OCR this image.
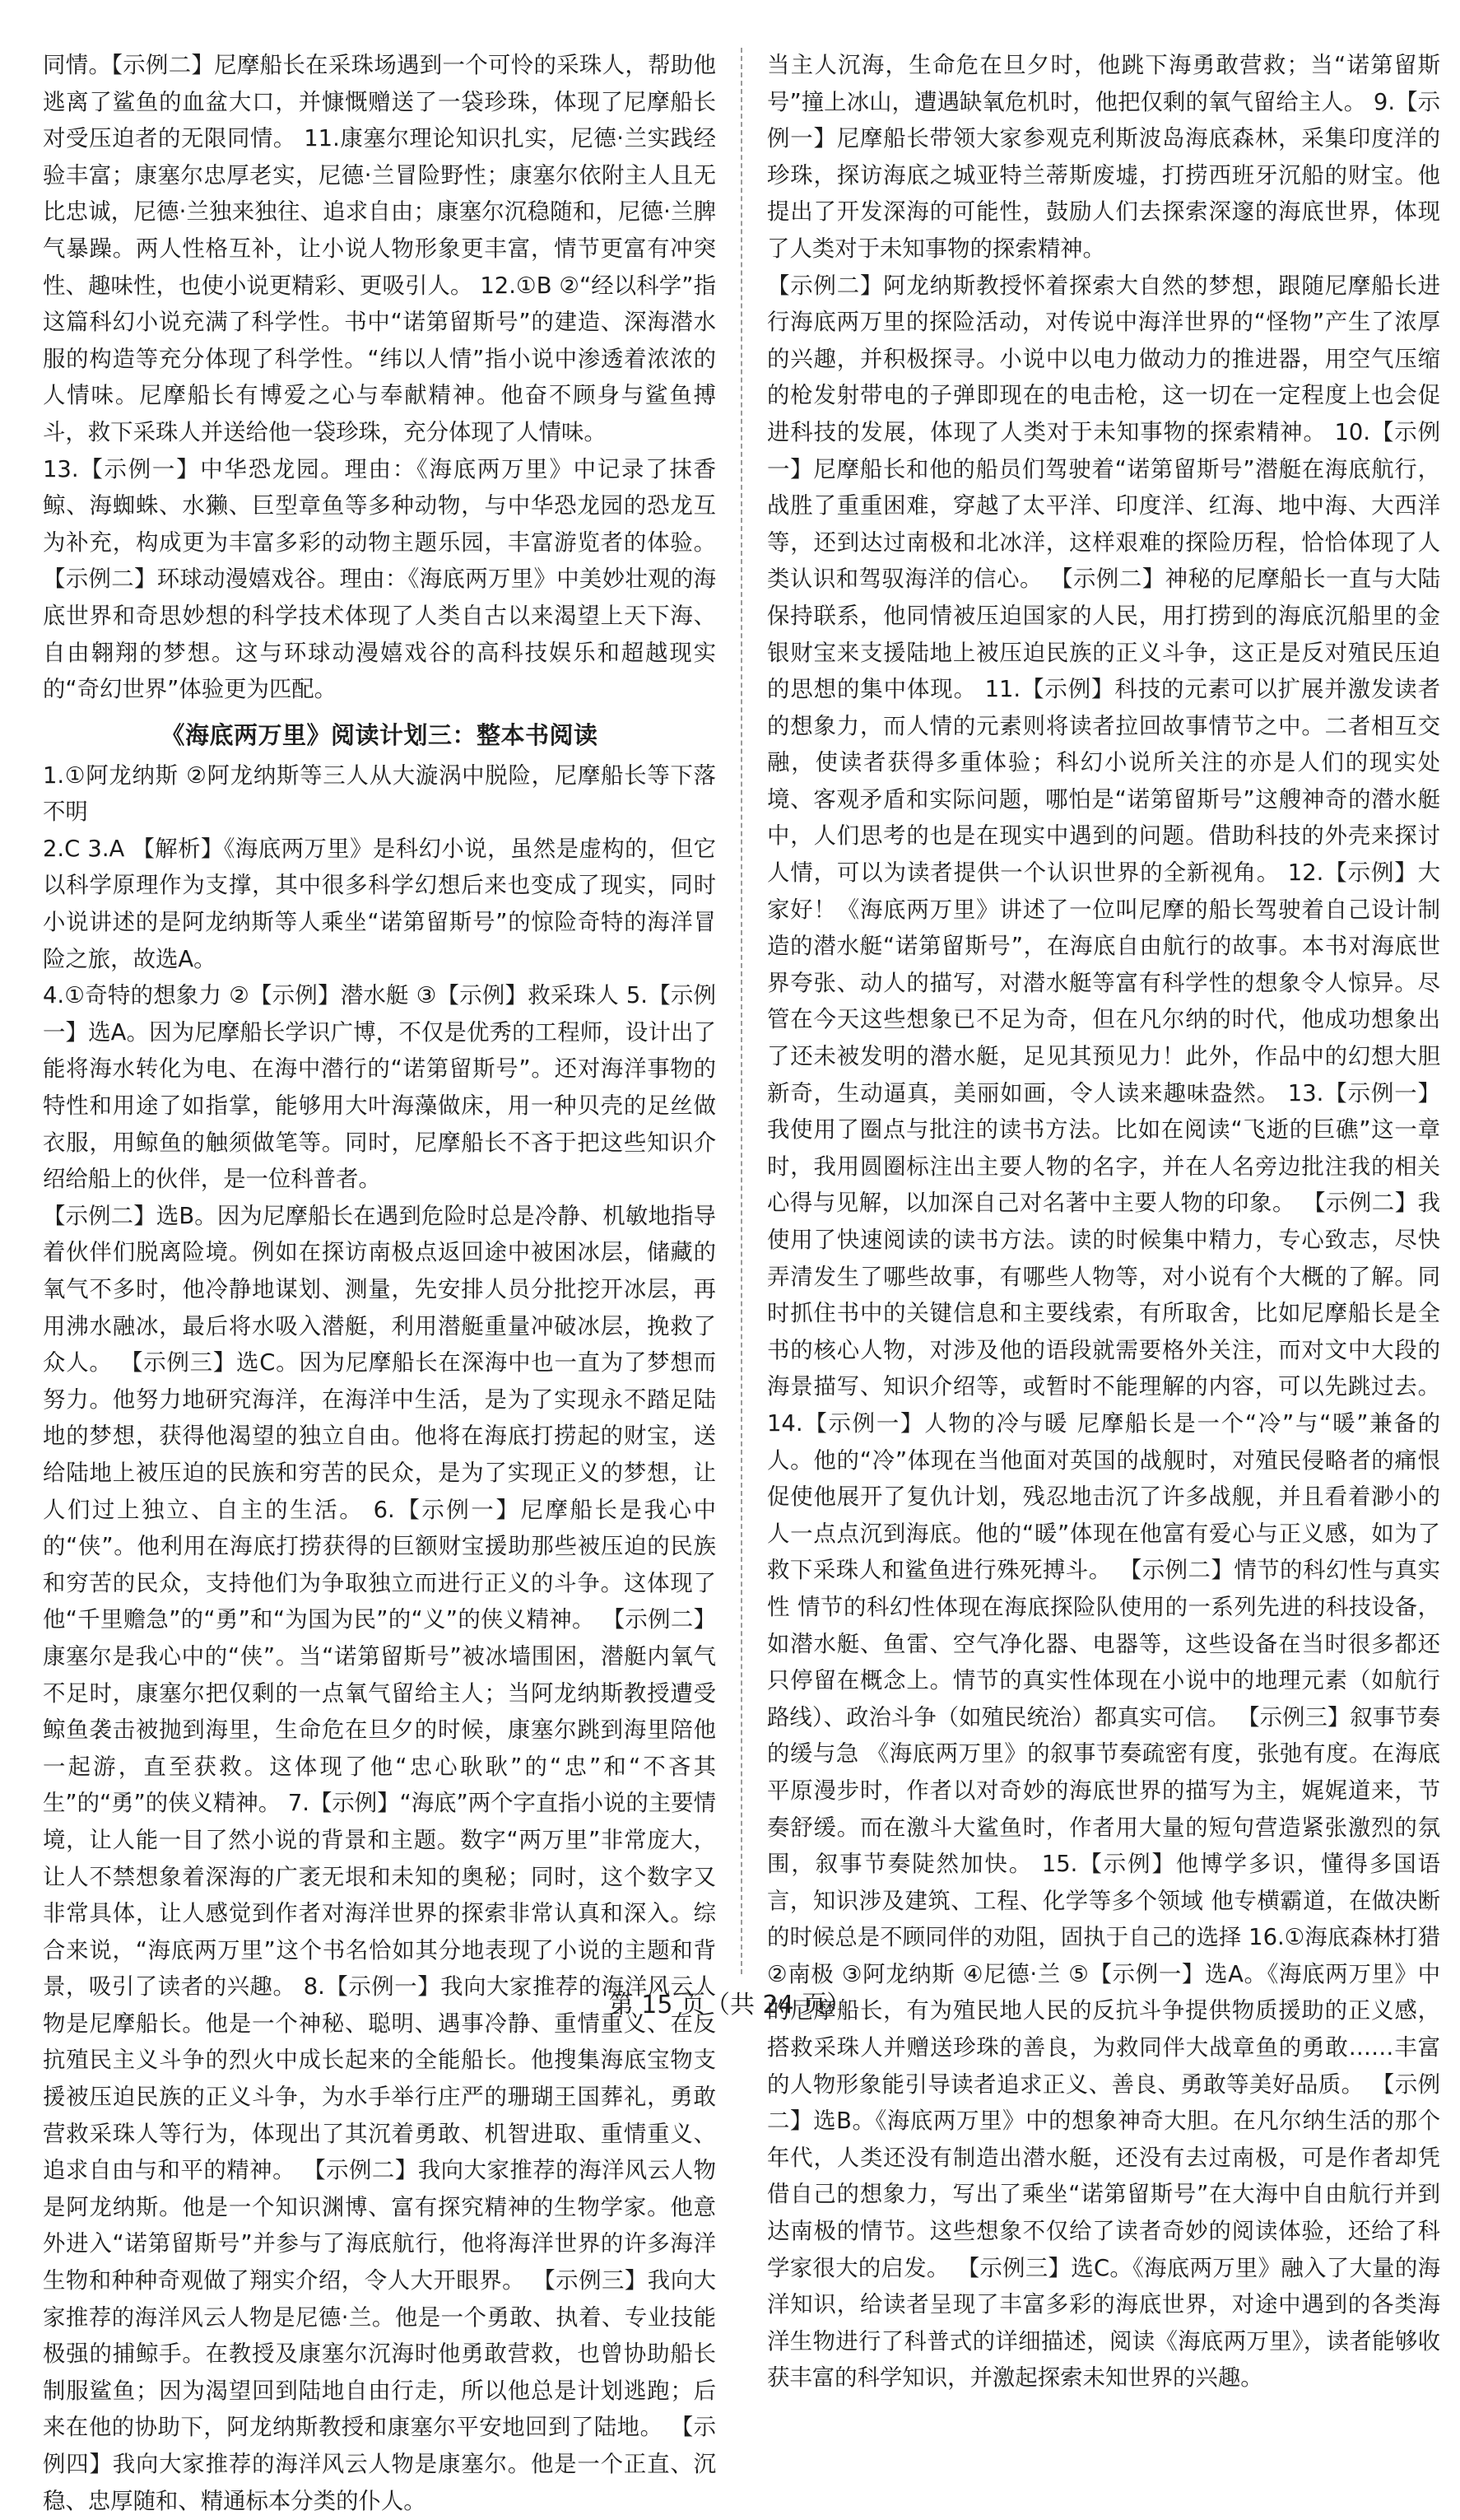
同情。【示例二】尼摩船长在采珠场遇到一个可怜的采珠人，帮助他逃离了鲨鱼的血盆大口，并慷慨赠送了一袋珍珠，体现了尼摩船长对受压迫者的无限同情。 11.康塞尔理论知识扎实，尼德·兰实践经验丰富；康塞尔忠厚老实，尼德·兰冒险野性；康塞尔依附主人且无比忠诚，尼德·兰独来独往、追求自由；康塞尔沉稳随和，尼德·兰脾气暴躁。两人性格互补，让小说人物形象更丰富，情节更富有冲突性、趣味性，也使小说更精彩、更吸引人。 12.①B ②“经以科学”指这篇科幻小说充满了科学性。书中“诺第留斯号”的建造、深海潜水服的构造等充分体现了科学性。“纬以人情”指小说中渗透着浓浓的人情味。尼摩船长有博爱之心与奉献精神。他奋不顾身与鲨鱼搏斗，救下采珠人并送给他一袋珍珠，充分体现了人情味。

13.【示例一】中华恐龙园。理由：《海底两万里》中记录了抹香鲸、海蜘蛛、水獭、巨型章鱼等多种动物，与中华恐龙园的恐龙互为补充，构成更为丰富多彩的动物主题乐园，丰富游览者的体验。 【示例二】环球动漫嬉戏谷。理由：《海底两万里》中美妙壮观的海底世界和奇思妙想的科学技术体现了人类自古以来渴望上天下海、自由翱翔的梦想。这与环球动漫嬉戏谷的高科技娱乐和超越现实的“奇幻世界”体验更为匹配。

《海底两万里》阅读计划三：整本书阅读

1.①阿龙纳斯 ②阿龙纳斯等三人从大漩涡中脱险，尼摩船长等下落不明

2.C 3.A 【解析】《海底两万里》是科幻小说，虽然是虚构的，但它以科学原理作为支撑，其中很多科学幻想后来也变成了现实，同时小说讲述的是阿龙纳斯等人乘坐“诺第留斯号”的惊险奇特的海洋冒险之旅，故选A。

4.①奇特的想象力 ②【示例】潜水艇 ③【示例】救采珠人 5.【示例一】选A。因为尼摩船长学识广博，不仅是优秀的工程师，设计出了能将海水转化为电、在海中潜行的“诺第留斯号”。还对海洋事物的特性和用途了如指掌，能够用大叶海藻做床，用一种贝壳的足丝做衣服，用鲸鱼的触须做笔等。同时，尼摩船长不吝于把这些知识介绍给船上的伙伴，是一位科普者。

【示例二】选B。因为尼摩船长在遇到危险时总是冷静、机敏地指导着伙伴们脱离险境。例如在探访南极点返回途中被困冰层，储藏的氧气不多时，他冷静地谋划、测量，先安排人员分批挖开冰层，再用沸水融冰，最后将水吸入潜艇，利用潜艇重量冲破冰层，挽救了众人。 【示例三】选C。因为尼摩船长在深海中也一直为了梦想而努力。他努力地研究海洋，在海洋中生活，是为了实现永不踏足陆地的梦想，获得他渴望的独立自由。他将在海底打捞起的财宝，送给陆地上被压迫的民族和穷苦的民众，是为了实现正义的梦想，让人们过上独立、自主的生活。 6.【示例一】尼摩船长是我心中的“侠”。他利用在海底打捞获得的巨额财宝援助那些被压迫的民族和穷苦的民众，支持他们为争取独立而进行正义的斗争。这体现了他“千里赡急”的“勇”和“为国为民”的“义”的侠义精神。 【示例二】康塞尔是我心中的“侠”。当“诺第留斯号”被冰墙围困，潜艇内氧气不足时，康塞尔把仅剩的一点氧气留给主人；当阿龙纳斯教授遭受鲸鱼袭击被抛到海里，生命危在旦夕的时候，康塞尔跳到海里陪他一起游，直至获救。这体现了他“忠心耿耿”的“忠”和“不吝其生”的“勇”的侠义精神。 7.【示例】“海底”两个字直指小说的主要情境，让人能一目了然小说的背景和主题。数字“两万里”非常庞大，让人不禁想象着深海的广袤无垠和未知的奥秘；同时，这个数字又非常具体，让人感觉到作者对海洋世界的探索非常认真和深入。综合来说，“海底两万里”这个书名恰如其分地表现了小说的主题和背景，吸引了读者的兴趣。 8.【示例一】我向大家推荐的海洋风云人物是尼摩船长。他是一个神秘、聪明、遇事冷静、重情重义、在反抗殖民主义斗争的烈火中成长起来的全能船长。他搜集海底宝物支援被压迫民族的正义斗争，为水手举行庄严的珊瑚王国葬礼，勇敢营救采珠人等行为，体现出了其沉着勇敢、机智进取、重情重义、追求自由与和平的精神。 【示例二】我向大家推荐的海洋风云人物是阿龙纳斯。他是一个知识渊博、富有探究精神的生物学家。他意外进入“诺第留斯号”并参与了海底航行，他将海洋世界的许多海洋生物和种种奇观做了翔实介绍，令人大开眼界。 【示例三】我向大家推荐的海洋风云人物是尼德·兰。他是一个勇敢、执着、专业技能极强的捕鲸手。在教授及康塞尔沉海时他勇敢营救，也曾协助船长制服鲨鱼；因为渴望回到陆地自由行走，所以他总是计划逃跑；后来在他的协助下，阿龙纳斯教授和康塞尔平安地回到了陆地。 【示例四】我向大家推荐的海洋风云人物是康塞尔。他是一个正直、沉稳、忠厚随和、精通标本分类的仆人。

当主人沉海，生命危在旦夕时，他跳下海勇敢营救；当“诺第留斯号”撞上冰山，遭遇缺氧危机时，他把仅剩的氧气留给主人。 9.【示例一】尼摩船长带领大家参观克利斯波岛海底森林，采集印度洋的珍珠，探访海底之城亚特兰蒂斯废墟，打捞西班牙沉船的财宝。他提出了开发深海的可能性，鼓励人们去探索深邃的海底世界，体现了人类对于未知事物的探索精神。

【示例二】阿龙纳斯教授怀着探索大自然的梦想，跟随尼摩船长进行海底两万里的探险活动，对传说中海洋世界的“怪物”产生了浓厚的兴趣，并积极探寻。小说中以电力做动力的推进器，用空气压缩的枪发射带电的子弹即现在的电击枪，这一切在一定程度上也会促进科技的发展，体现了人类对于未知事物的探索精神。 10.【示例一】尼摩船长和他的船员们驾驶着“诺第留斯号”潜艇在海底航行，战胜了重重困难，穿越了太平洋、印度洋、红海、地中海、大西洋等，还到达过南极和北冰洋，这样艰难的探险历程，恰恰体现了人类认识和驾驭海洋的信心。 【示例二】神秘的尼摩船长一直与大陆保持联系，他同情被压迫国家的人民，用打捞到的海底沉船里的金银财宝来支援陆地上被压迫民族的正义斗争，这正是反对殖民压迫的思想的集中体现。 11.【示例】科技的元素可以扩展并激发读者的想象力，而人情的元素则将读者拉回故事情节之中。二者相互交融，使读者获得多重体验；科幻小说所关注的亦是人们的现实处境、客观矛盾和实际问题，哪怕是“诺第留斯号”这艘神奇的潜水艇中，人们思考的也是在现实中遇到的问题。借助科技的外壳来探讨人情，可以为读者提供一个认识世界的全新视角。 12.【示例】大家好！《海底两万里》讲述了一位叫尼摩的船长驾驶着自己设计制造的潜水艇“诺第留斯号”，在海底自由航行的故事。本书对海底世界夸张、动人的描写，对潜水艇等富有科学性的想象令人惊异。尽管在今天这些想象已不足为奇，但在凡尔纳的时代，他成功想象出了还未被发明的潜水艇，足见其预见力！此外，作品中的幻想大胆新奇，生动逼真，美丽如画，令人读来趣味盎然。 13.【示例一】我使用了圈点与批注的读书方法。比如在阅读“飞逝的巨礁”这一章时，我用圆圈标注出主要人物的名字，并在人名旁边批注我的相关心得与见解，以加深自己对名著中主要人物的印象。 【示例二】我使用了快速阅读的读书方法。读的时候集中精力，专心致志，尽快弄清发生了哪些故事，有哪些人物等，对小说有个大概的了解。同时抓住书中的关键信息和主要线索，有所取舍，比如尼摩船长是全书的核心人物，对涉及他的语段就需要格外关注，而对文中大段的海景描写、知识介绍等，或暂时不能理解的内容，可以先跳过去。 14.【示例一】人物的冷与暖 尼摩船长是一个“冷”与“暖”兼备的人。他的“冷”体现在当他面对英国的战舰时，对殖民侵略者的痛恨促使他展开了复仇计划，残忍地击沉了许多战舰，并且看着渺小的人一点点沉到海底。他的“暖”体现在他富有爱心与正义感，如为了救下采珠人和鲨鱼进行殊死搏斗。 【示例二】情节的科幻性与真实性 情节的科幻性体现在海底探险队使用的一系列先进的科技设备，如潜水艇、鱼雷、空气净化器、电器等，这些设备在当时很多都还只停留在概念上。情节的真实性体现在小说中的地理元素（如航行路线）、政治斗争（如殖民统治）都真实可信。 【示例三】叙事节奏的缓与急 《海底两万里》的叙事节奏疏密有度，张弛有度。在海底平原漫步时，作者以对奇妙的海底世界的描写为主，娓娓道来，节奏舒缓。而在激斗大鲨鱼时，作者用大量的短句营造紧张激烈的氛围，叙事节奏陡然加快。 15.【示例】他博学多识，懂得多国语言，知识涉及建筑、工程、化学等多个领域 他专横霸道，在做决断的时候总是不顾同伴的劝阻，固执于自己的选择 16.①海底森林打猎 ②南极 ③阿龙纳斯 ④尼德·兰 ⑤【示例一】选A。《海底两万里》中的尼摩船长，有为殖民地人民的反抗斗争提供物质援助的正义感，搭救采珠人并赠送珍珠的善良，为救同伴大战章鱼的勇敢……丰富的人物形象能引导读者追求正义、善良、勇敢等美好品质。 【示例二】选B。《海底两万里》中的想象神奇大胆。在凡尔纳生活的那个年代，人类还没有制造出潜水艇，还没有去过南极，可是作者却凭借自己的想象力，写出了乘坐“诺第留斯号”在大海中自由航行并到达南极的情节。这些想象不仅给了读者奇妙的阅读体验，还给了科学家很大的启发。 【示例三】选C。《海底两万里》融入了大量的海洋知识，给读者呈现了丰富多彩的海底世界，对途中遇到的各类海洋生物进行了科普式的详细描述，阅读《海底两万里》，读者能够收获丰富的科学知识，并激起探索未知世界的兴趣。

第 15 页（共 24 页）
